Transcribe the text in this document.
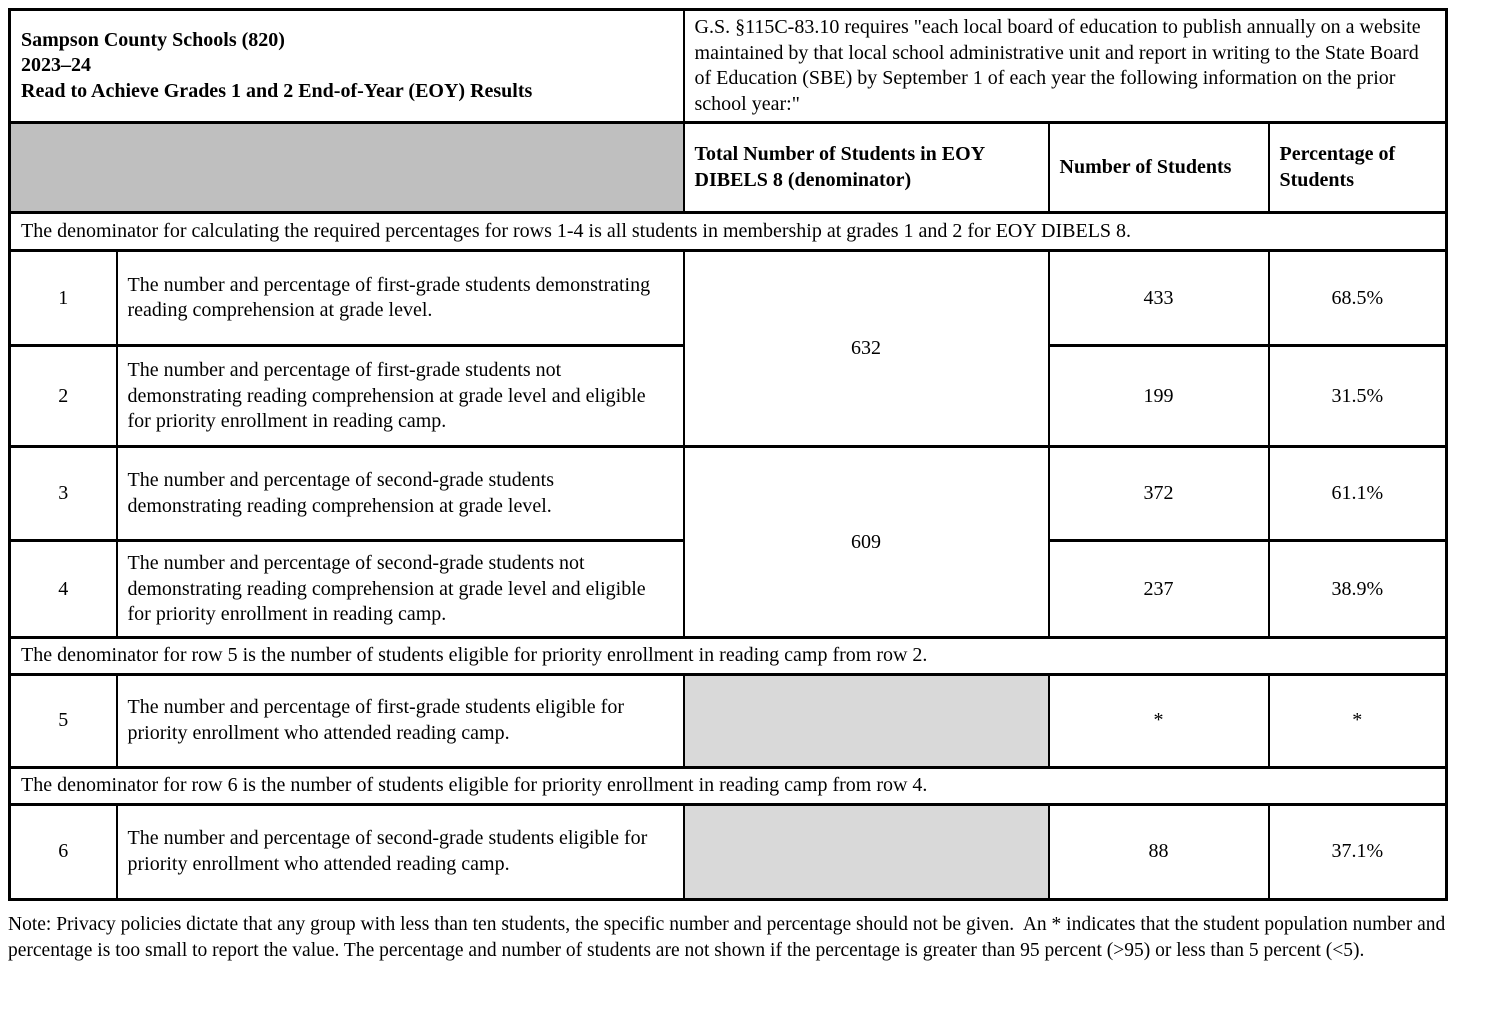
Sampson County Schools (820)
2023–24
Read to Achieve Grades 1 and 2 End-of-Year (EOY) Results
	G.S. §115C-83.10 requires "each local board of education to publish annually on a website maintained by that local school administrative unit and report in writing to the State Board of Education (SBE) by September 1 of each year the following information on the prior school year:"
		Total Number of Students in EOY DIBELS 8 (denominator)	Number of Students	Percentage of Students
The denominator for calculating the required percentages for rows 1-4 is all students in membership at grades 1 and 2 for EOY DIBELS 8.				
1	The number and percentage of first-grade students demonstrating reading comprehension at grade level.	632	433	68.5%
2	The number and percentage of first-grade students not demonstrating reading comprehension at grade level and eligible for priority enrollment in reading camp.		199	31.5%
3	The number and percentage of second-grade students demonstrating reading comprehension at grade level.	609	372	61.1%
4	The number and percentage of second-grade students not demonstrating reading comprehension at grade level and eligible for priority enrollment in reading camp.		237	38.9%
The denominator for row 5 is the number of students eligible for priority enrollment in reading camp from row 2.				
5	The number and percentage of first-grade students eligible for priority enrollment who attended reading camp.		*	*
The denominator for row 6 is the number of students eligible for priority enrollment in reading camp from row 4.				
6	The number and percentage of second-grade students eligible for priority enrollment who attended reading camp.		88	37.1%
Note: Privacy policies dictate that any group with less than ten students, the specific number and percentage should not be given.  An * indicates that the student population number and percentage is too small to report the value. The percentage and number of students are not shown if the percentage is greater than 95 percent (>95) or less than 5 percent (<5).
